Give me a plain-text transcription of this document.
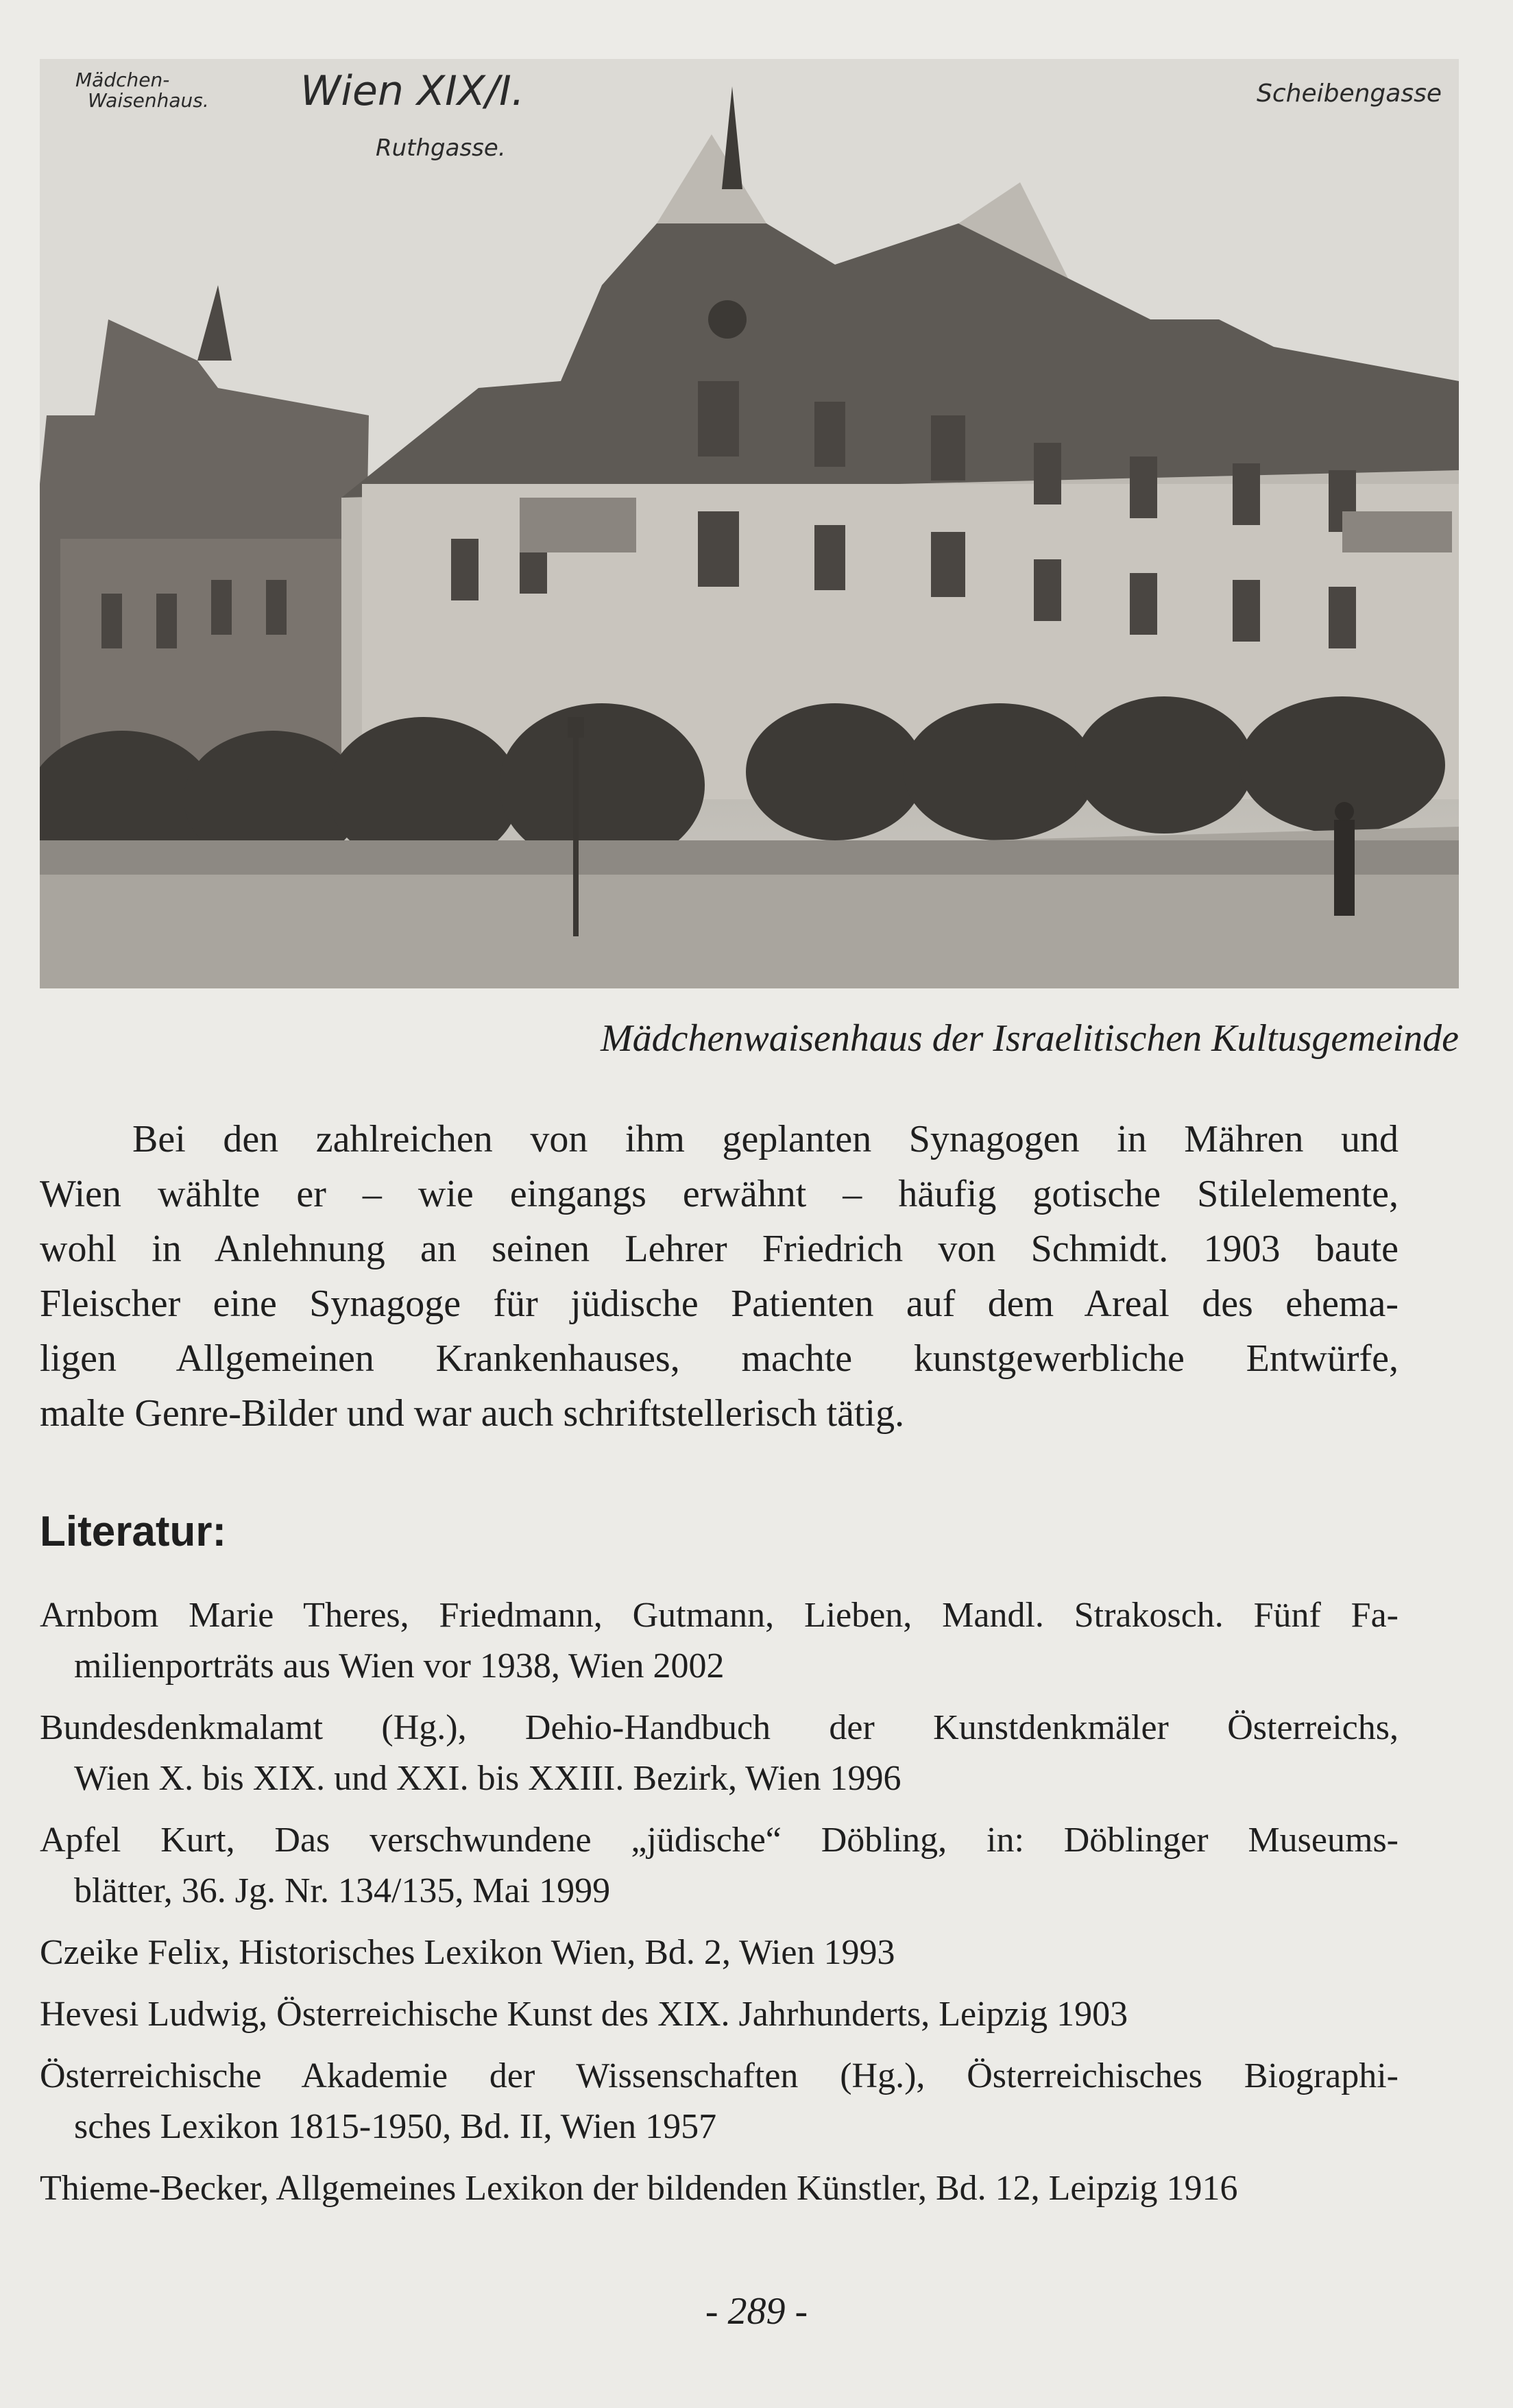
Mädchen-
Waisenhaus. Wien XIX/I.
Ruthgasse.
Scheibengasse
Mädchenwaisenhaus der Israelitischen Kultusgemeinde

Bei den zahlreichen von ihm geplanten Synagogen in Mähren und
Wien wählte er – wie eingangs erwähnt – häufig gotische Stilelemente,
wohl in Anlehnung an seinen Lehrer Friedrich von Schmidt. 1903 baute
Fleischer eine Synagoge für jüdische Patienten auf dem Areal des ehema-
ligen Allgemeinen Krankenhauses, machte kunstgewerbliche Entwürfe,
malte Genre-Bilder und war auch schriftstellerisch tätig.

Literatur:

Arnbom Marie Theres, Friedmann, Gutmann, Lieben, Mandl. Strakosch. Fünf Fa-
milienporträts aus Wien vor 1938, Wien 2002

Bundesdenkmalamt (Hg.), Dehio-Handbuch der Kunstdenkmäler Österreichs,
Wien X. bis XIX. und XXI. bis XXIII. Bezirk, Wien 1996

Apfel Kurt, Das verschwundene „jüdische“ Döbling, in: Döblinger Museums-
blätter, 36. Jg. Nr. 134/135, Mai 1999

Czeike Felix, Historisches Lexikon Wien, Bd. 2, Wien 1993

Hevesi Ludwig, Österreichische Kunst des XIX. Jahrhunderts, Leipzig 1903

Österreichische Akademie der Wissenschaften (Hg.), Österreichisches Biographi-
sches Lexikon 1815-1950, Bd. II, Wien 1957

Thieme-Becker, Allgemeines Lexikon der bildenden Künstler, Bd. 12, Leipzig 1916

- 289 -
